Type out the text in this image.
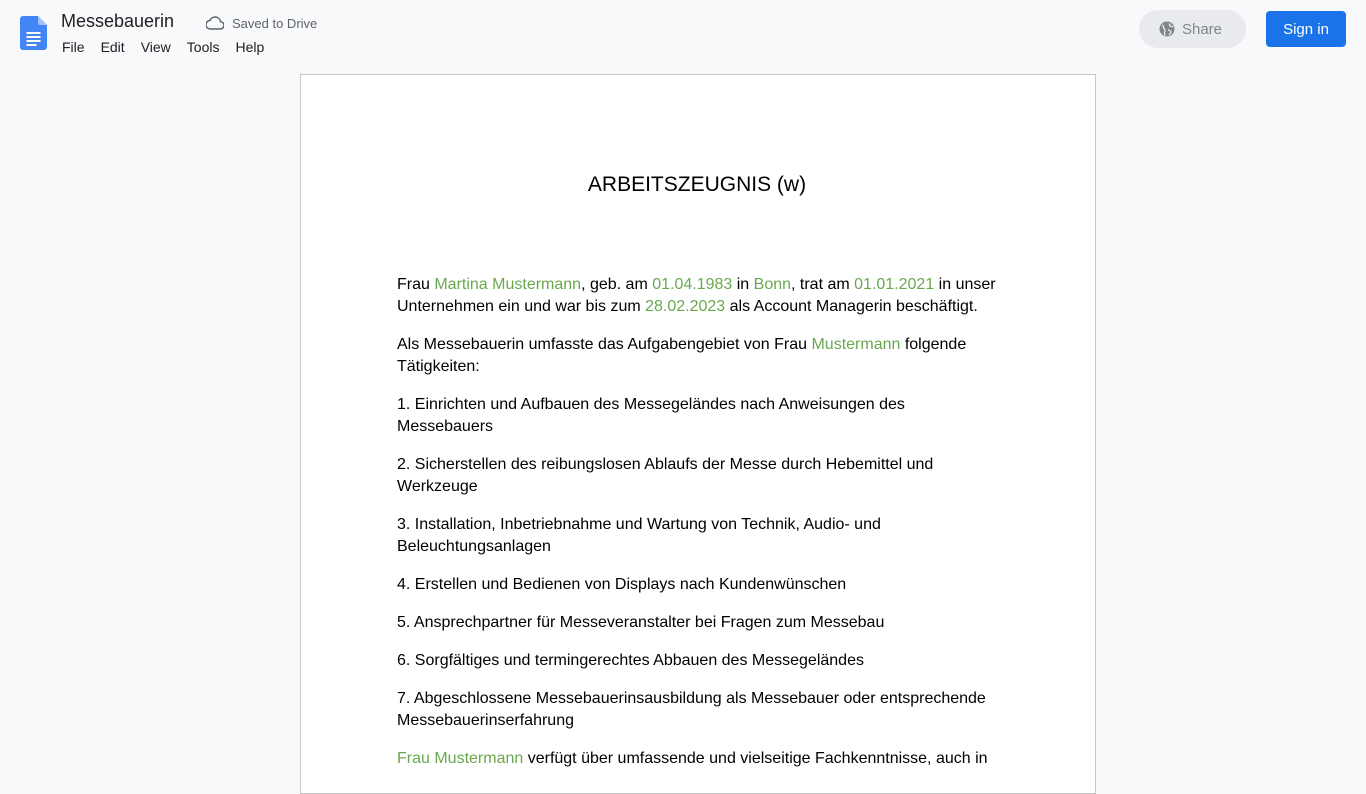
Messebauerin	Saved to Drive
File	Edit	View	Tools	Help
Share	Sign in
ARBEITSZEUGNIS (w)

Frau Martina Mustermann, geb. am 01.04.1983 in Bonn, trat am 01.01.2021 in unser Unternehmen ein und war bis zum 28.02.2023 als Account Managerin beschäftigt.

Als Messebauerin umfasste das Aufgabengebiet von Frau Mustermann folgende Tätigkeiten:

1. Einrichten und Aufbauen des Messegeländes nach Anweisungen des Messebauers

2. Sicherstellen des reibungslosen Ablaufs der Messe durch Hebemittel und Werkzeuge

3. Installation, Inbetriebnahme und Wartung von Technik, Audio- und Beleuchtungsanlagen

4. Erstellen und Bedienen von Displays nach Kundenwünschen

5. Ansprechpartner für Messeveranstalter bei Fragen zum Messebau

6. Sorgfältiges und termingerechtes Abbauen des Messegeländes

7. Abgeschlossene Messebauerinsausbildung als Messebauer oder entsprechende Messebauerinserfahrung

Frau Mustermann verfügt über umfassende und vielseitige Fachkenntnisse, auch in
